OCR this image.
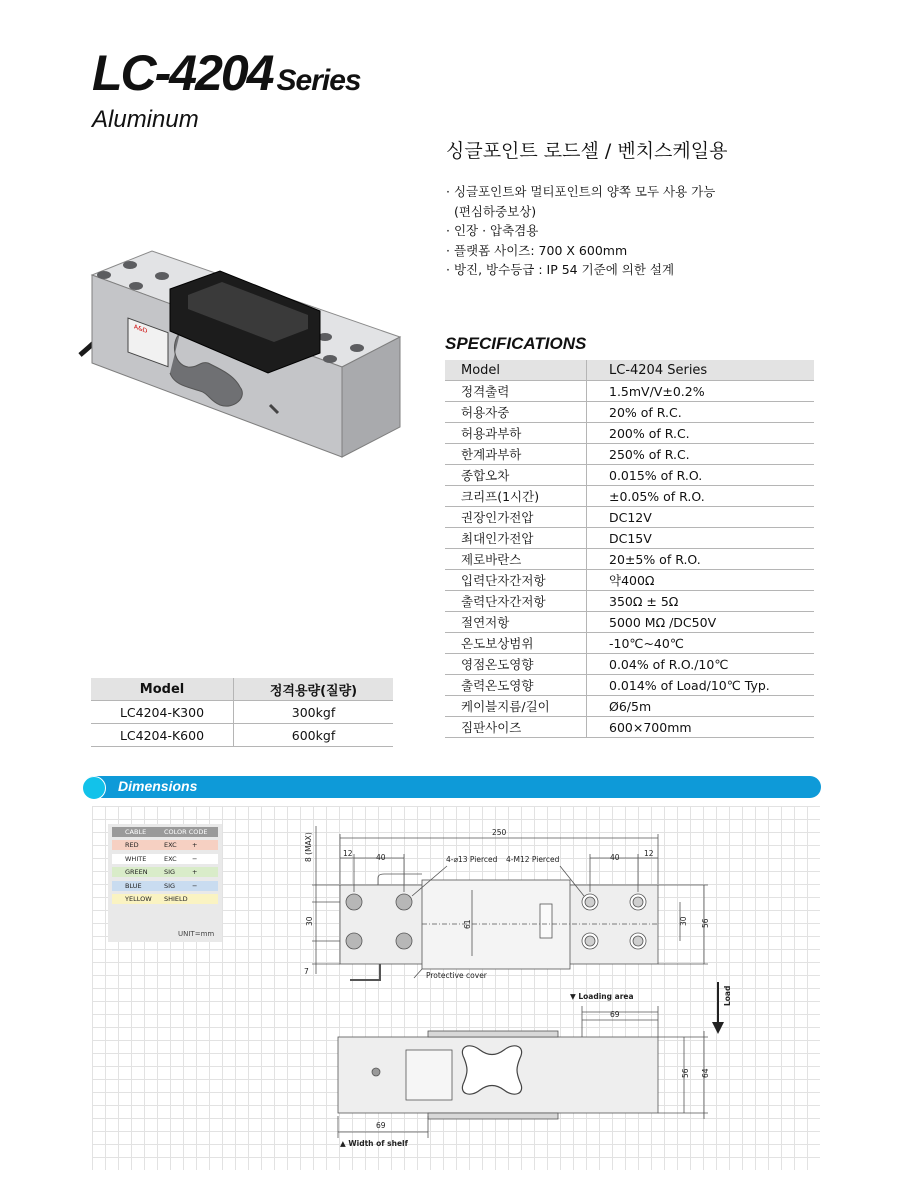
LC-4204 Series
Aluminum
A&D
싱글포인트 로드셀 / 벤치스케일용
· 싱글포인트와 멀티포인트의 양쪽 모두 사용 가능
(편심하중보상)
· 인장 · 압축겸용
· 플랫폼 사이즈: 700 X 600mm
· 방진, 방수등급 : IP 54 기준에 의한 설계
SPECIFICATIONS
Model	LC-4204 Series
정격출력	1.5mV/V±0.2%
허용자중	20% of R.C.
허용과부하	200% of R.C.
한계과부하	250% of R.C.
종합오차	0.015% of R.O.
크리프(1시간)	±0.05% of R.O.
권장인가전압	DC12V
최대인가전압	DC15V
제로바란스	20±5% of R.O.
입력단자간저항	약400Ω
출력단자간저항	350Ω ± 5Ω
절연저항	5000 MΩ /DC50V
온도보상범위	-10℃~40℃
영점온도영향	0.04% of R.O./10℃
출력온도영향	0.014% of Load/10℃ Typ.
케이블지름/길이	Ø6/5m
짐판사이즈	600×700mm
Model	정격용량(질량)
LC4204-K300	300kgf
LC4204-K600	600kgf
Dimensions
CABLE	COLOR CODE
RED	EXC +
WHITE	EXC −
GREEN	SIG	+
BLUE	SIG	−
YELLOW SHIELD
UNIT=mm
250
8 (MAX)	12	40	4-⌀13 Pierced 4-M12 Pierced	40	12
30	61	30 56
7	Protective cover
▼ Loading area
69
Load
56 64
69
▲ Width of shelf
